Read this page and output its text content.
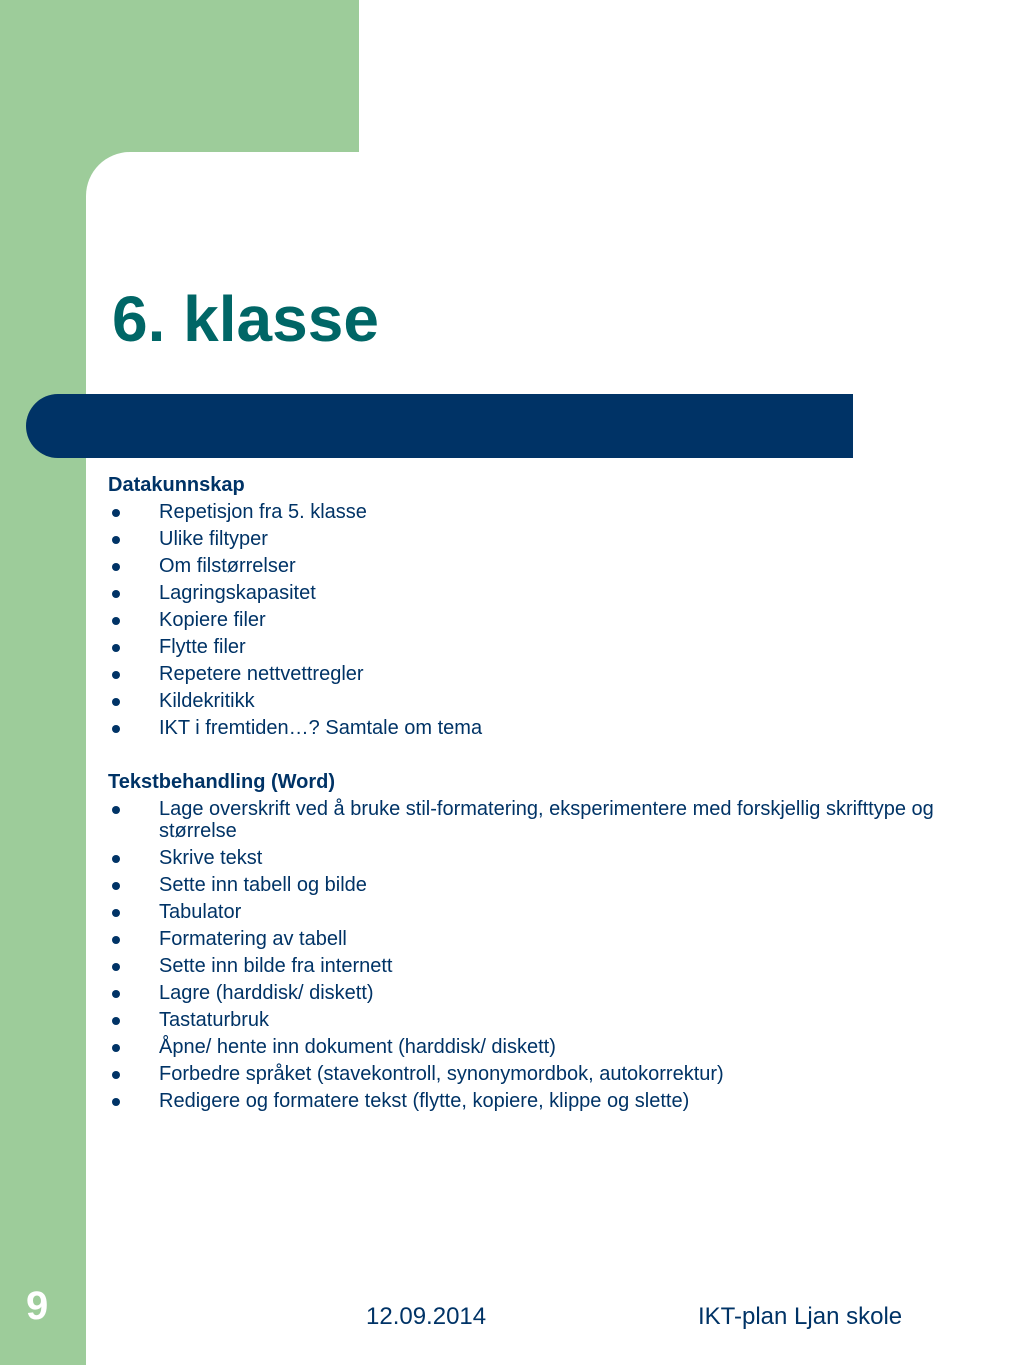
6. klasse

Datakunnskap

Repetisjon fra 5. klasse
Ulike filtyper
Om filstørrelser
Lagringskapasitet
Kopiere filer
Flytte filer
Repetere nettvettregler
Kildekritikk
IKT i fremtiden…? Samtale om tema

Tekstbehandling (Word)

Lage overskrift ved å bruke stil-formatering, eksperimentere med forskjellig skrifttype og størrelse
Skrive tekst
Sette inn tabell og bilde
Tabulator
Formatering av tabell
Sette inn bilde fra internett
Lagre (harddisk/ diskett)
Tastaturbruk
Åpne/ hente inn dokument (harddisk/ diskett)
Forbedre språket (stavekontroll, synonymordbok, autokorrektur)
Redigere og formatere tekst (flytte, kopiere, klippe og slette)
9	12.09.2014	IKT-plan Ljan skole
